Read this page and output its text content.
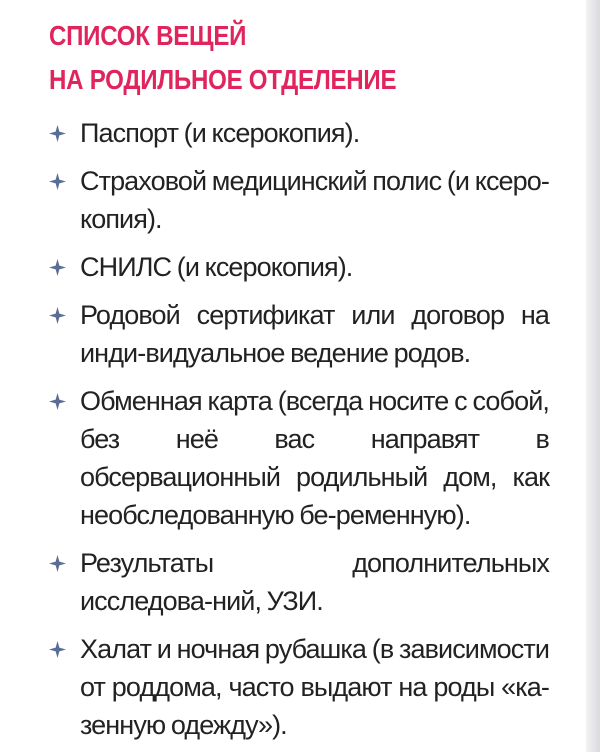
СПИСОК ВЕЩЕЙ
НА РОДИЛЬНОЕ ОТДЕЛЕНИЕ
Паспорт (и ксерокопия).
Страховой медицинский полис (и ксеро-копия).
СНИЛС (и ксерокопия).
Родовой сертификат или договор на инди-видуальное ведение родов.
Обменная карта (всегда носите с собой, без неё вас направят в обсервационный родильный дом, как необследованную бе-ременную).
Результаты дополнительных исследова-ний, УЗИ.
Халат и ночная рубашка (в зависимости от роддома, часто выдают на роды «ка-зенную одежду»).
